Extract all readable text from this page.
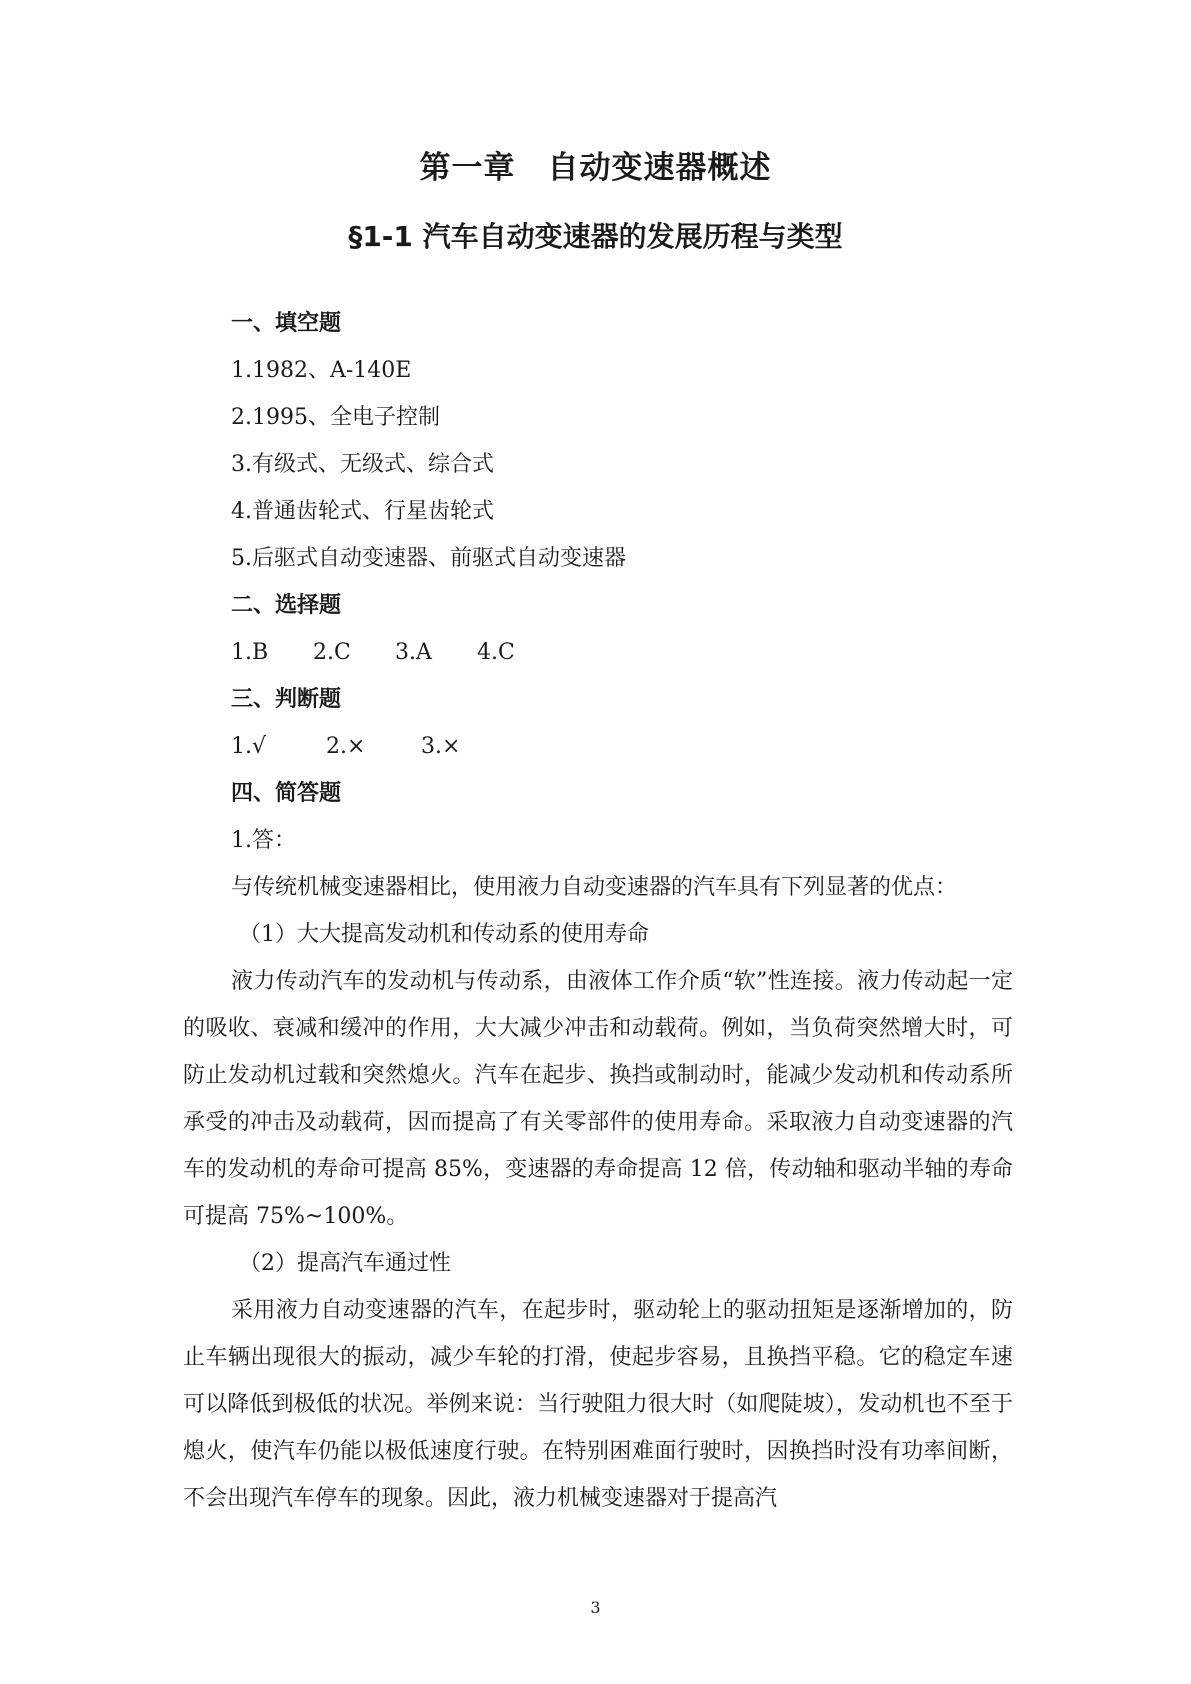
第一章　自动变速器概述
§1-1 汽车自动变速器的发展历程与类型
一、填空题
1.1982、A-140E
2.1995、全电子控制
3.有级式、无级式、综合式
4.普通齿轮式、行星齿轮式
5.后驱式自动变速器、前驱式自动变速器
二、选择题
1.B	2.C	3.A	4.C
三、判断题
1.√	2.×	3.×
四、简答题
1.答：

与传统机械变速器相比，使用液力自动变速器的汽车具有下列显著的优点：

（1）大大提高发动机和传动系的使用寿命

液力传动汽车的发动机与传动系，由液体工作介质“软”性连接。液力传动起一定的吸收、衰减和缓冲的作用，大大减少冲击和动载荷。例如，当负荷突然增大时，可防止发动机过载和突然熄火。汽车在起步、换挡或制动时，能减少发动机和传动系所承受的冲击及动载荷，因而提高了有关零部件的使用寿命。采取液力自动变速器的汽车的发动机的寿命可提高 85%，变速器的寿命提高 12 倍，传动轴和驱动半轴的寿命可提高 75%~100%。

（2）提高汽车通过性

采用液力自动变速器的汽车，在起步时，驱动轮上的驱动扭矩是逐渐增加的，防止车辆出现很大的振动，减少车轮的打滑，使起步容易，且换挡平稳。它的稳定车速可以降低到极低的状况。举例来说：当行驶阻力很大时（如爬陡坡），发动机也不至于熄火，使汽车仍能以极低速度行驶。在特别困难面行驶时，因换挡时没有功率间断，不会出现汽车停车的现象。因此，液力机械变速器对于提高汽

3
